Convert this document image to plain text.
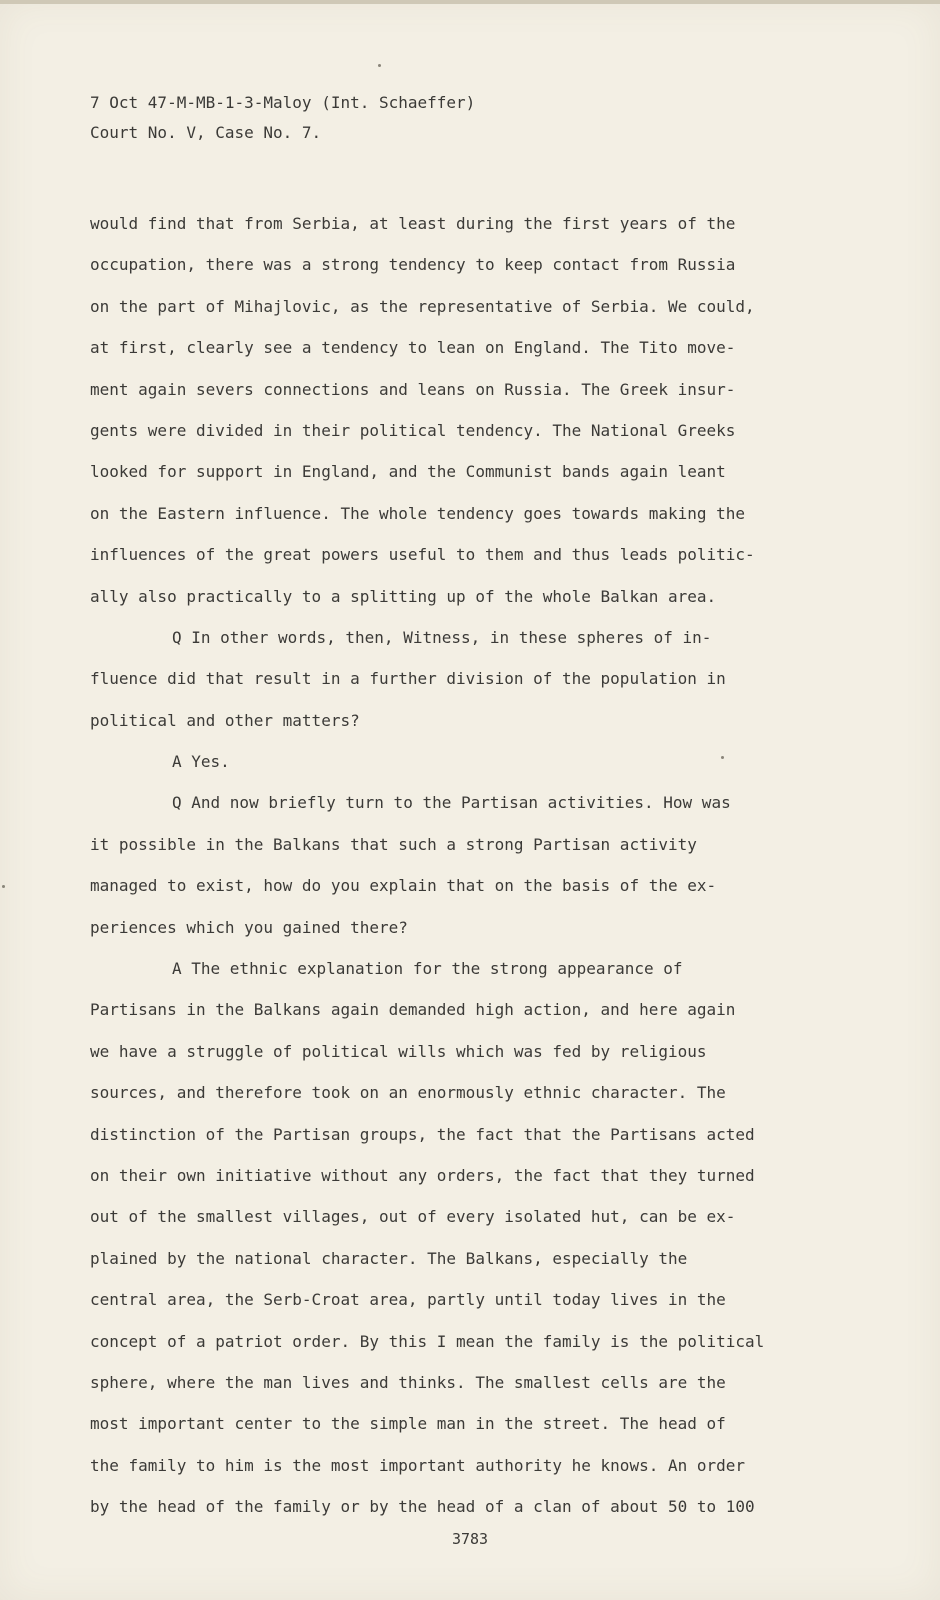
7 Oct 47-M-MB-1-3-Maloy (Int. Schaeffer)
Court No. V, Case No. 7.
would find that from Serbia, at least during the first years of the
occupation, there was a strong tendency to keep contact from Russia
on the part of Mihajlovic, as the representative of Serbia. We could,
at first, clearly see a tendency to lean on England. The Tito move-
ment again severs connections and leans on Russia. The Greek insur-
gents were divided in their political tendency. The National Greeks
looked for support in England, and the Communist bands again leant
on the Eastern influence. The whole tendency goes towards making the
influences of the great powers useful to them and thus leads politic-
ally also practically to a splitting up of the whole Balkan area.
Q In other words, then, Witness, in these spheres of in-
fluence did that result in a further division of the population in
political and other matters?
A Yes.
Q And now briefly turn to the Partisan activities. How was
it possible in the Balkans that such a strong Partisan activity
managed to exist, how do you explain that on the basis of the ex-
periences which you gained there?
A The ethnic explanation for the strong appearance of
Partisans in the Balkans again demanded high action, and here again
we have a struggle of political wills which was fed by religious
sources, and therefore took on an enormously ethnic character. The
distinction of the Partisan groups, the fact that the Partisans acted
on their own initiative without any orders, the fact that they turned
out of the smallest villages, out of every isolated hut, can be ex-
plained by the national character. The Balkans, especially the
central area, the Serb-Croat area, partly until today lives in the
concept of a patriot order. By this I mean the family is the political
sphere, where the man lives and thinks. The smallest cells are the
most important center to the simple man in the street. The head of
the family to him is the most important authority he knows. An order
by the head of the family or by the head of a clan of about 50 to 100
3783
